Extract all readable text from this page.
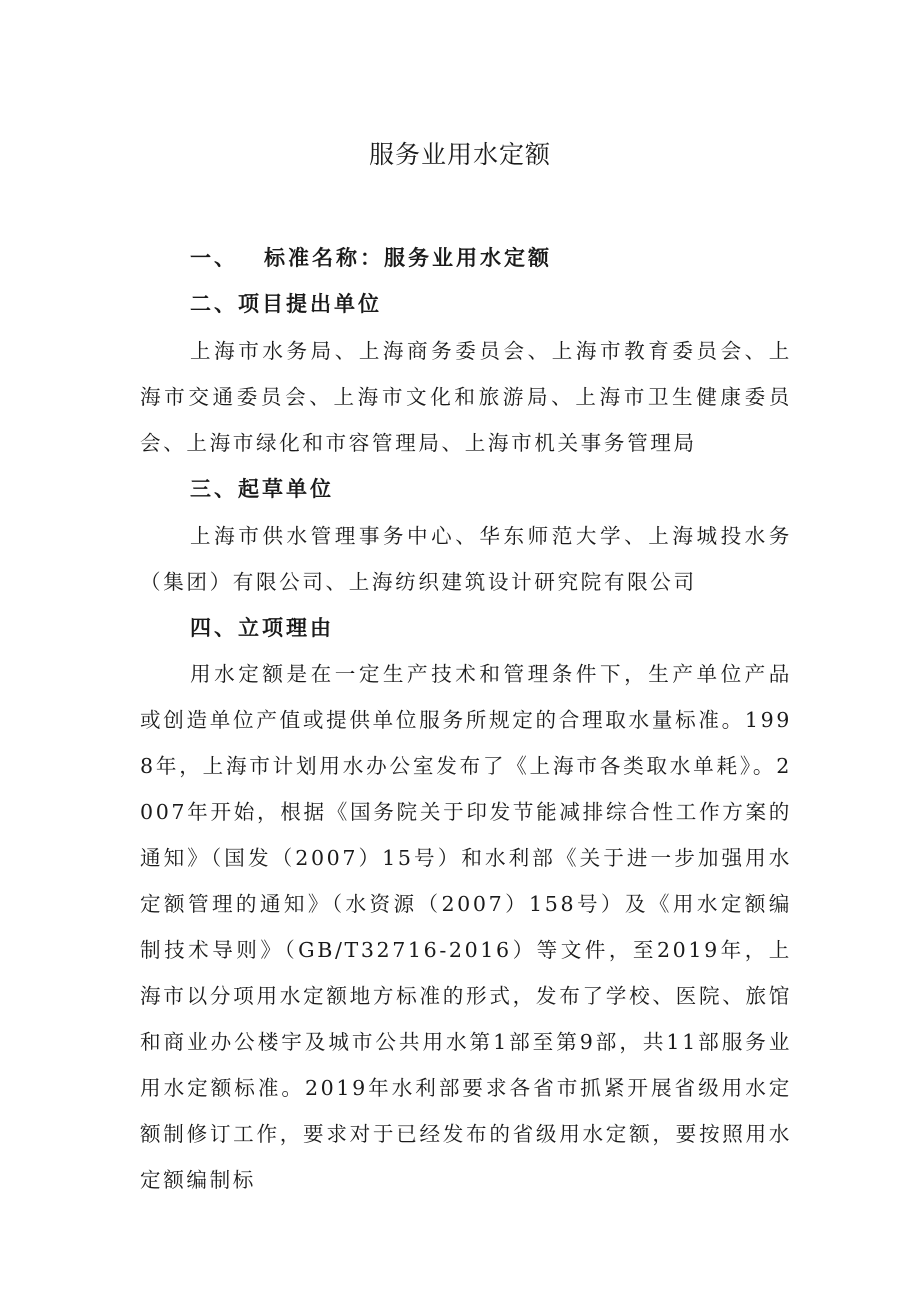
服务业用水定额
一、 标准名称：服务业用水定额
二、项目提出单位

上海市水务局、上海商务委员会、上海市教育委员会、上海市交通委员会、上海市文化和旅游局、上海市卫生健康委员会、上海市绿化和市容管理局、上海市机关事务管理局

三、起草单位

上海市供水管理事务中心、华东师范大学、上海城投水务（集团）有限公司、上海纺织建筑设计研究院有限公司

四、立项理由

用水定额是在一定生产技术和管理条件下，生产单位产品或创造单位产值或提供单位服务所规定的合理取水量标准。1998年，上海市计划用水办公室发布了《上海市各类取水单耗》。2007年开始，根据《国务院关于印发节能减排综合性工作方案的通知》（国发（2007）15号）和水利部《关于进一步加强用水定额管理的通知》（水资源（2007）158号）及《用水定额编制技术导则》（GB/T32716-2016）等文件，至2019年，上海市以分项用水定额地方标准的形式，发布了学校、医院、旅馆和商业办公楼宇及城市公共用水第1部至第9部，共11部服务业用水定额标准。2019年水利部要求各省市抓紧开展省级用水定额制修订工作，要求对于已经发布的省级用水定额，要按照用水定额编制标
